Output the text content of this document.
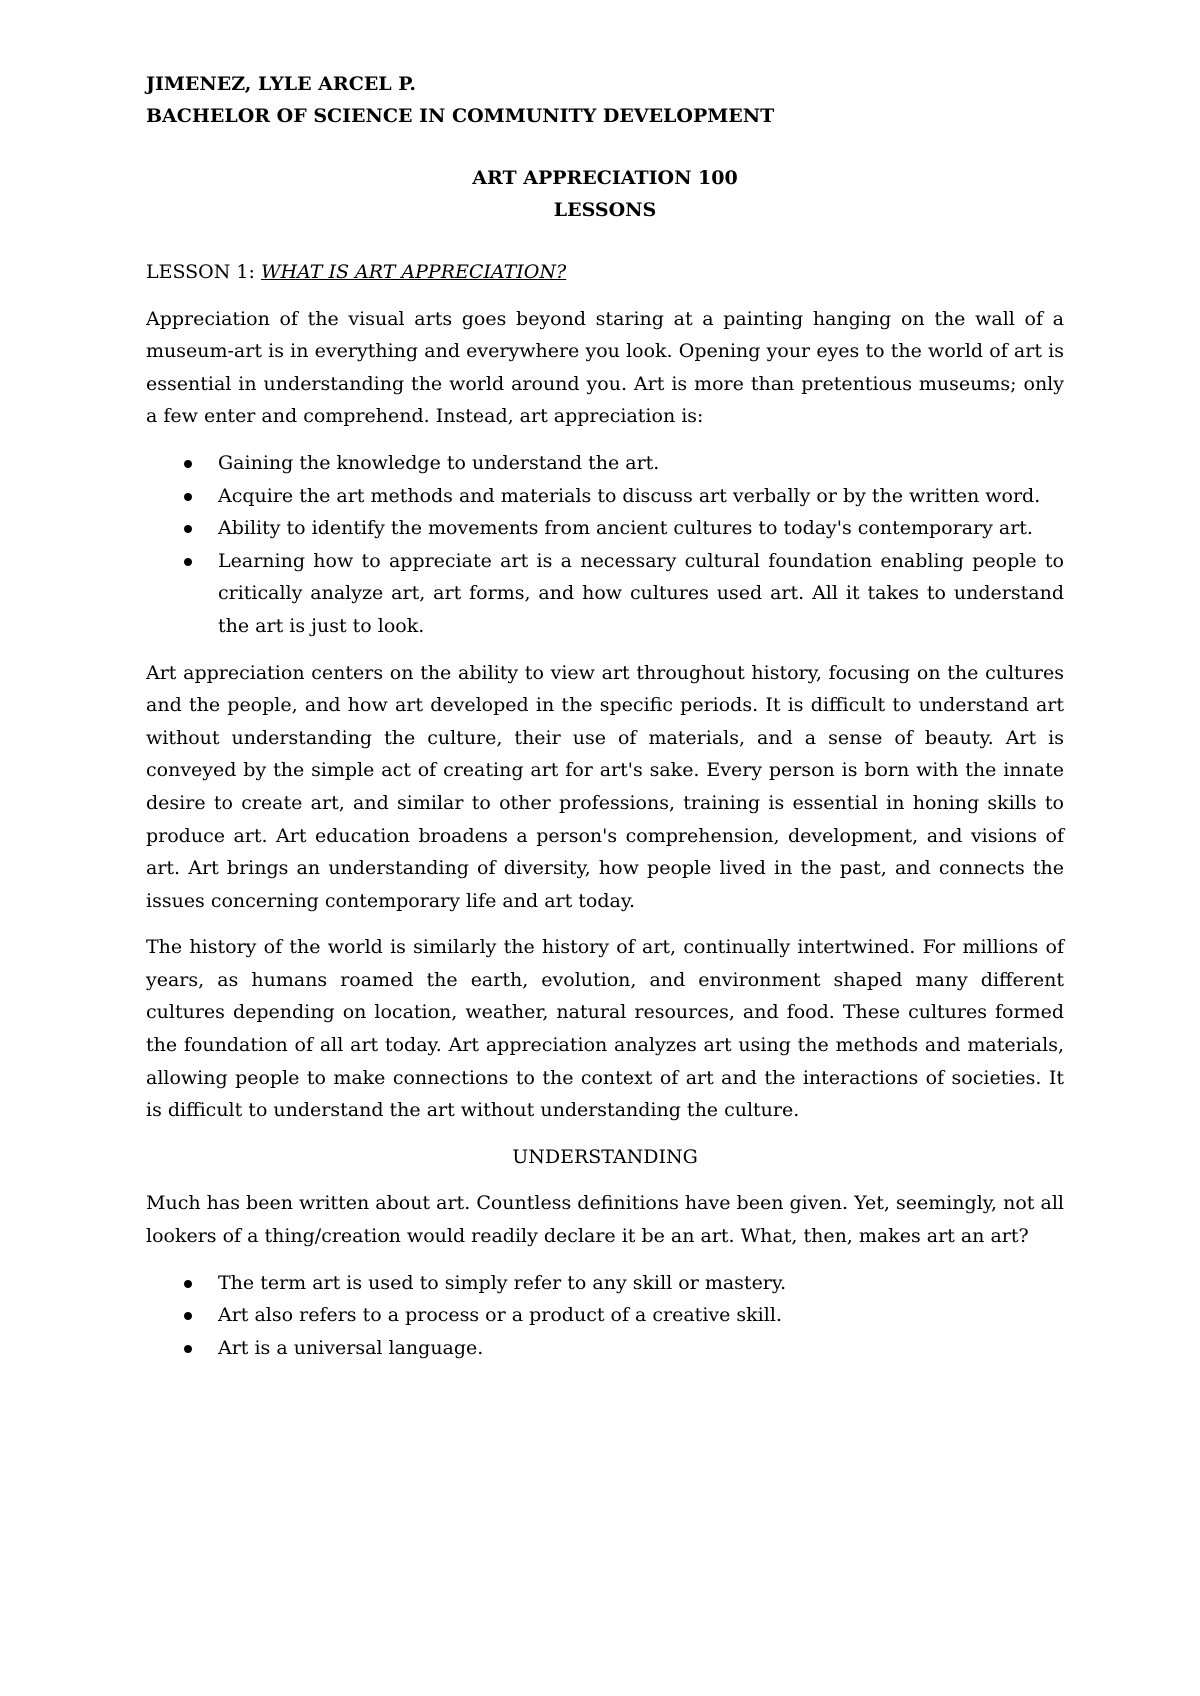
JIMENEZ, LYLE ARCEL P.

BACHELOR OF SCIENCE IN COMMUNITY DEVELOPMENT

ART APPRECIATION 100

LESSONS

LESSON 1: WHAT IS ART APPRECIATION?

Appreciation of the visual arts goes beyond staring at a painting hanging on the wall of a museum-art is in everything and everywhere you look. Opening your eyes to the world of art is essential in understanding the world around you. Art is more than pretentious museums; only a few enter and comprehend. Instead, art appreciation is:

Gaining the knowledge to understand the art.
Acquire the art methods and materials to discuss art verbally or by the written word.
Ability to identify the movements from ancient cultures to today's contemporary art.
Learning how to appreciate art is a necessary cultural foundation enabling people to critically analyze art, art forms, and how cultures used art. All it takes to understand the art is just to look.

Art appreciation centers on the ability to view art throughout history, focusing on the cultures and the people, and how art developed in the specific periods. It is difficult to understand art without understanding the culture, their use of materials, and a sense of beauty. Art is conveyed by the simple act of creating art for art's sake. Every person is born with the innate desire to create art, and similar to other professions, training is essential in honing skills to produce art. Art education broadens a person's comprehension, development, and visions of art. Art brings an understanding of diversity, how people lived in the past, and connects the issues concerning contemporary life and art today.

The history of the world is similarly the history of art, continually intertwined. For millions of years, as humans roamed the earth, evolution, and environment shaped many different cultures depending on location, weather, natural resources, and food. These cultures formed the foundation of all art today. Art appreciation analyzes art using the methods and materials, allowing people to make connections to the context of art and the interactions of societies. It is difficult to understand the art without understanding the culture.

UNDERSTANDING

Much has been written about art. Countless definitions have been given. Yet, seemingly, not all lookers of a thing/creation would readily declare it be an art. What, then, makes art an art?

The term art is used to simply refer to any skill or mastery.
Art also refers to a process or a product of a creative skill.
Art is a universal language.
